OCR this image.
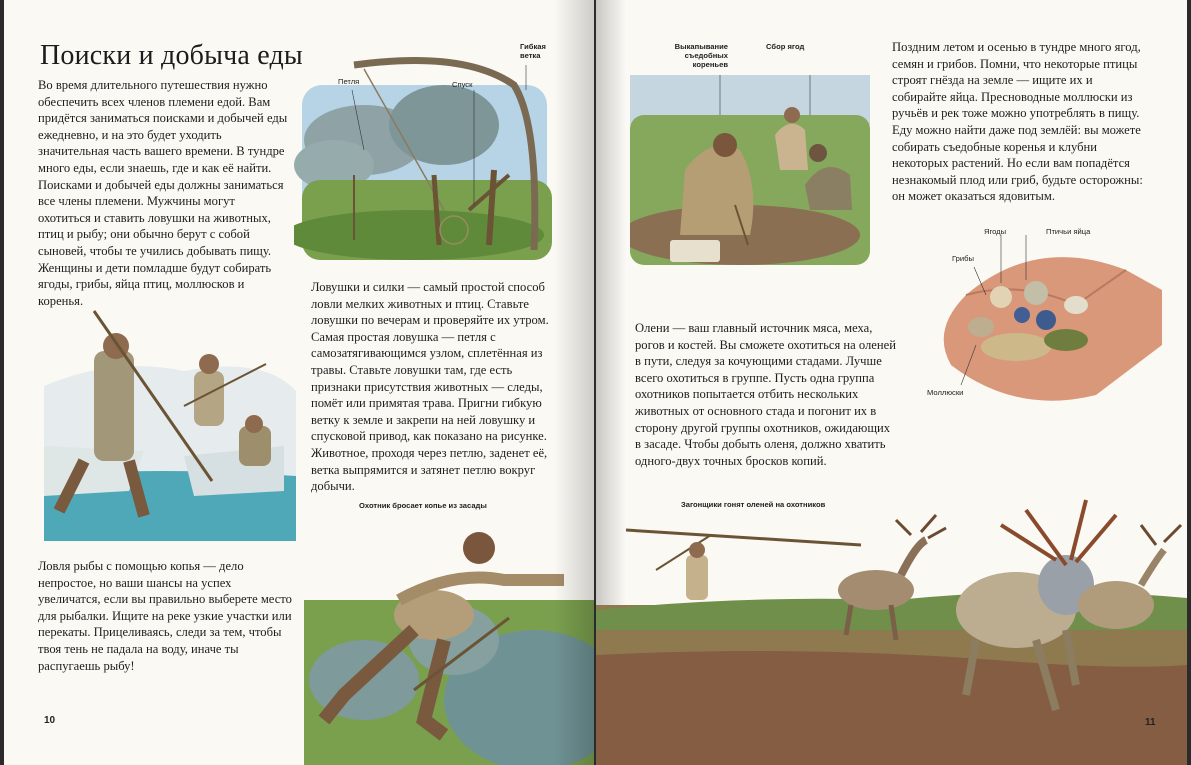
Поиски и добыча еды

Во время длительного путешествия нужно обеспечить всех членов племени едой. Вам придётся заниматься поисками и добычей еды ежедневно, и на это будет уходить значительная часть вашего времени. В тундре много еды, если знаешь, где и как её найти. Поисками и добычей еды должны заниматься все члены племени. Мужчины могут охотиться и ставить ловушки на животных, птиц и рыбу; они обычно берут с собой сыновей, чтобы те учились добывать пищу. Женщины и дети помладше будут собирать ягоды, грибы, яйца птиц, моллюсков и коренья.

Петля	Спуск
Гибкая ветка

Ловушки и силки — самый простой способ ловли мелких животных и птиц. Ставьте ловушки по вечерам и проверяйте их утром. Самая простая ловушка — петля с самозатягивающимся узлом, сплетённая из травы. Ставьте ловушки там, где есть признаки присутствия животных — следы, помёт или примятая трава. Пригни гибкую ветку к земле и закрепи на ней ловушку и спусковой привод, как показано на рисунке. Животное, проходя через петлю, заденет её, ветка выпрямится и затянет петлю вокруг добычи.

Ловля рыбы с помощью копья — дело непростое, но ваши шансы на успех увеличатся, если вы правильно выберете место для рыбалки. Ищите на реке узкие участки или перекаты. Прицеливаясь, следи за тем, чтобы твоя тень не падала на воду, иначе ты распугаешь рыбу!

Охотник бросает копье из засады
10
Выкапывание съедобных кореньев
Сбор ягод	Поздним летом и осенью в тундре много ягод, семян и грибов. Помни, что некоторые птицы строят гнёзда на земле — ищите их и собирайте яйца. Пресноводные моллюски из ручьёв и рек тоже можно употреблять в пищу. Еду можно найти даже под землёй: вы можете собирать съедобные коренья и клубни некоторых растений. Но если вам попадётся незнакомый плод или гриб, будьте осторожны: он может оказаться ядовитым.

Ягоды	Птичьи яйца
Грибы
Моллюски

Олени — ваш главный источник мяса, меха, рогов и костей. Вы сможете охотиться на оленей в пути, следуя за кочующими стадами. Лучше всего охотиться в группе. Пусть одна группа охотников попытается отбить нескольких животных от основного стада и погонит их в сторону другой группы охотников, ожидающих в засаде. Чтобы добыть оленя, должно хватить одного-двух точных бросков копий.

Загонщики гонят оленей на охотников
11
